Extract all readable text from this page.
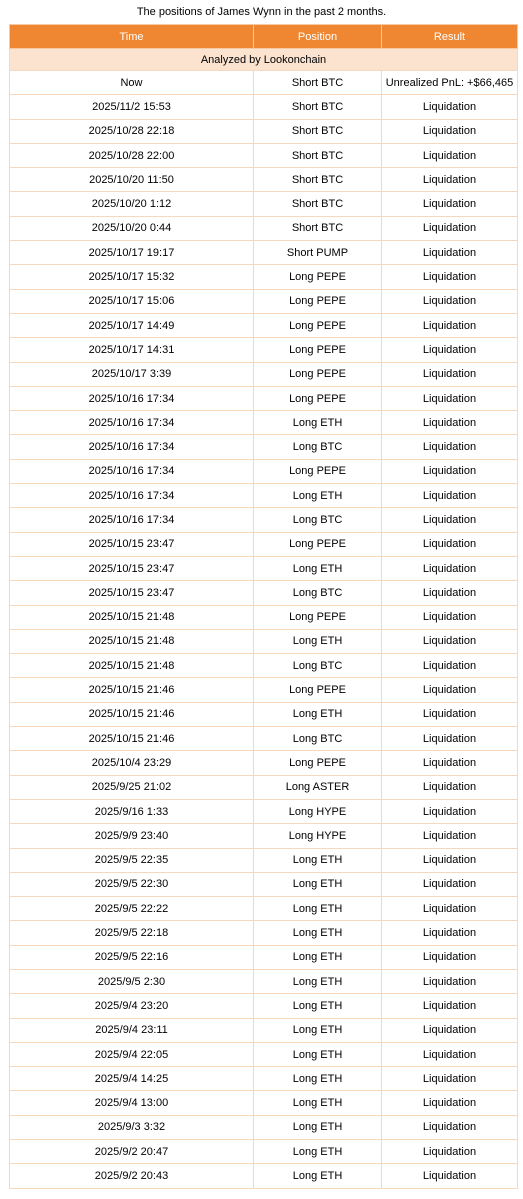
The positions of James Wynn in the past 2 months.
Time	Position	Result
Analyzed by Lookonchain		
Now	Short BTC	Unrealized PnL: +$66,465
2025/11/2 15:53	Short BTC	Liquidation
2025/10/28 22:18	Short BTC	Liquidation
2025/10/28 22:00	Short BTC	Liquidation
2025/10/20 11:50	Short BTC	Liquidation
2025/10/20 1:12	Short BTC	Liquidation
2025/10/20 0:44	Short BTC	Liquidation
2025/10/17 19:17	Short PUMP	Liquidation
2025/10/17 15:32	Long PEPE	Liquidation
2025/10/17 15:06	Long PEPE	Liquidation
2025/10/17 14:49	Long PEPE	Liquidation
2025/10/17 14:31	Long PEPE	Liquidation
2025/10/17 3:39	Long PEPE	Liquidation
2025/10/16 17:34	Long PEPE	Liquidation
2025/10/16 17:34	Long ETH	Liquidation
2025/10/16 17:34	Long BTC	Liquidation
2025/10/16 17:34	Long PEPE	Liquidation
2025/10/16 17:34	Long ETH	Liquidation
2025/10/16 17:34	Long BTC	Liquidation
2025/10/15 23:47	Long PEPE	Liquidation
2025/10/15 23:47	Long ETH	Liquidation
2025/10/15 23:47	Long BTC	Liquidation
2025/10/15 21:48	Long PEPE	Liquidation
2025/10/15 21:48	Long ETH	Liquidation
2025/10/15 21:48	Long BTC	Liquidation
2025/10/15 21:46	Long PEPE	Liquidation
2025/10/15 21:46	Long ETH	Liquidation
2025/10/15 21:46	Long BTC	Liquidation
2025/10/4 23:29	Long PEPE	Liquidation
2025/9/25 21:02	Long ASTER	Liquidation
2025/9/16 1:33	Long HYPE	Liquidation
2025/9/9 23:40	Long HYPE	Liquidation
2025/9/5 22:35	Long ETH	Liquidation
2025/9/5 22:30	Long ETH	Liquidation
2025/9/5 22:22	Long ETH	Liquidation
2025/9/5 22:18	Long ETH	Liquidation
2025/9/5 22:16	Long ETH	Liquidation
2025/9/5 2:30	Long ETH	Liquidation
2025/9/4 23:20	Long ETH	Liquidation
2025/9/4 23:11	Long ETH	Liquidation
2025/9/4 22:05	Long ETH	Liquidation
2025/9/4 14:25	Long ETH	Liquidation
2025/9/4 13:00	Long ETH	Liquidation
2025/9/3 3:32	Long ETH	Liquidation
2025/9/2 20:47	Long ETH	Liquidation
2025/9/2 20:43	Long ETH	Liquidation
